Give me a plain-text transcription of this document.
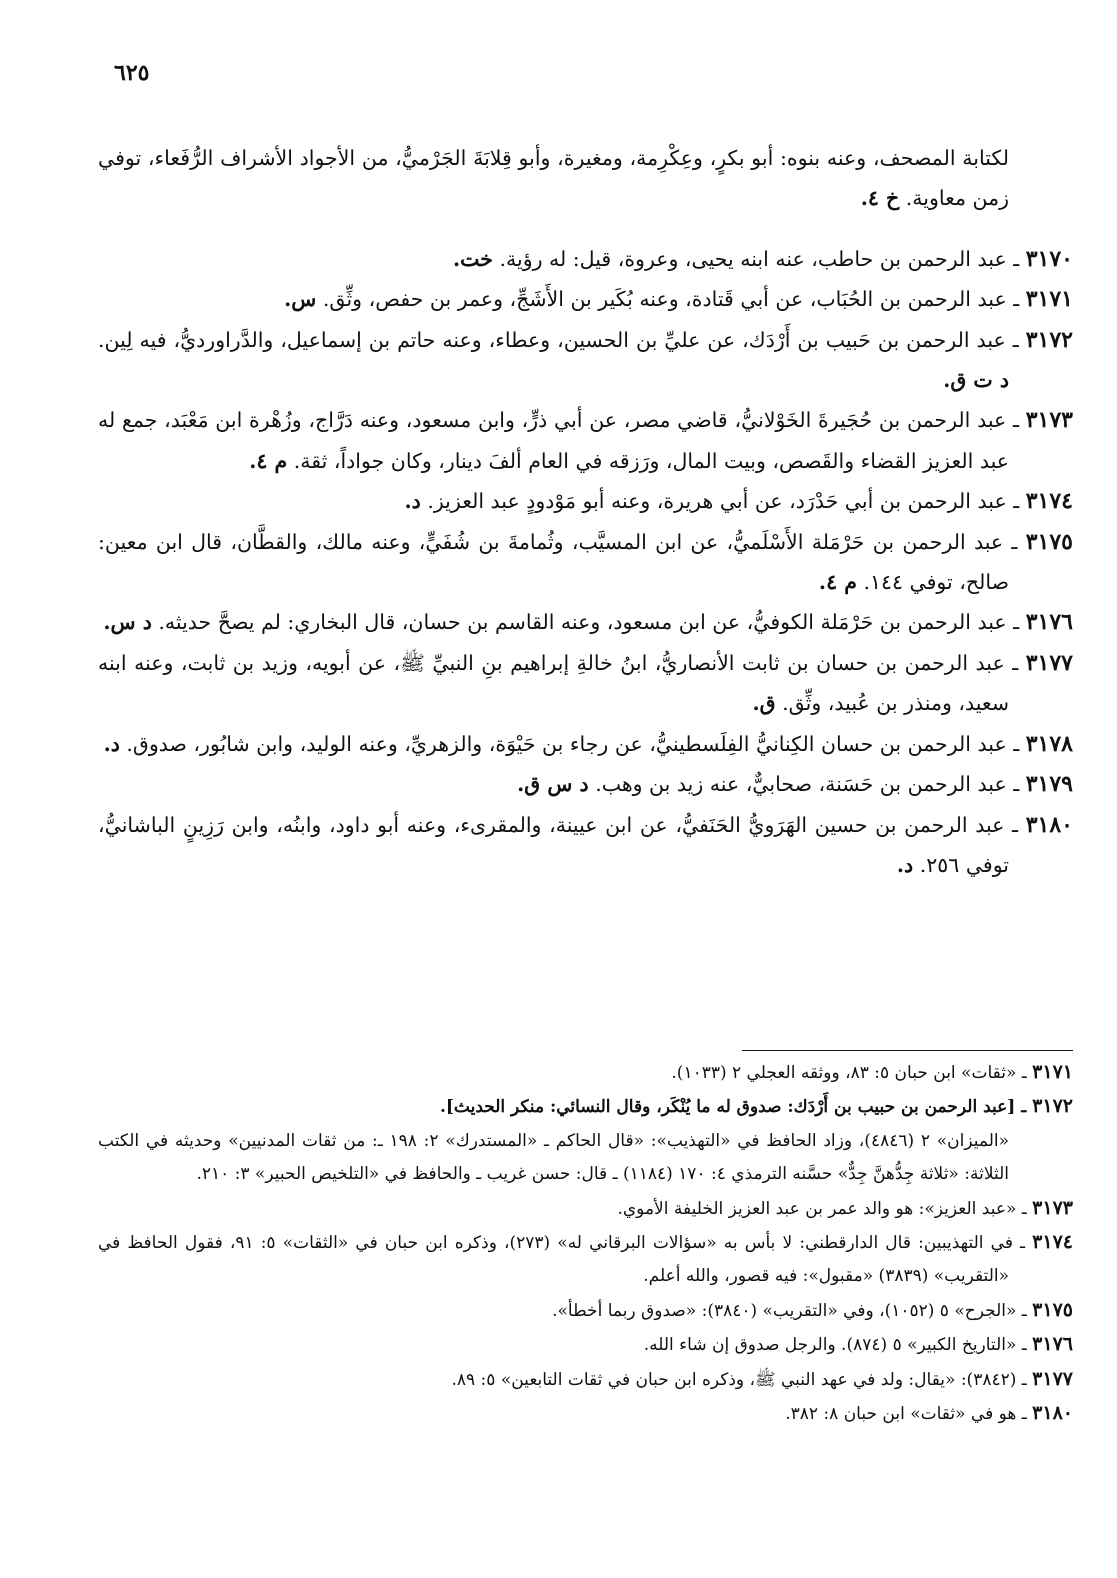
٦٢٥

لكتابة المصحف، وعنه بنوه: أبو بكرٍ، وعِكْرِمة، ومغيرة، وأبو قِلابَةَ الجَرْميُّ، من الأجواد الأشراف الرُّفَعاء، توفي زمن معاوية. خ ٤.

٣١٧٠ ـ عبد الرحمن بن حاطب، عنه ابنه يحيى، وعروة، قيل: له رؤية. خت.

٣١٧١ ـ عبد الرحمن بن الحُبَاب، عن أبي قَتادة، وعنه بُكَير بن الأَشَجِّ، وعمر بن حفص، وثِّق. س.

٣١٧٢ ـ عبد الرحمن بن حَبيب بن أَرْدَك، عن عليِّ بن الحسين، وعطاء، وعنه حاتم بن إسماعيل، والدَّراورديُّ، فيه لِين. د ت ق.

٣١٧٣ ـ عبد الرحمن بن حُجَيرةَ الخَوْلانيُّ، قاضي مصر، عن أبي ذرٍّ، وابن مسعود، وعنه دَرَّاج، وزُهْرة ابن مَعْبَد، جمع له عبد العزيز القضاء والقَصص، وبيت المال، ورَزقه في العام ألفَ دينار، وكان جواداً، ثقة. م ٤.

٣١٧٤ ـ عبد الرحمن بن أبي حَدْرَد، عن أبي هريرة، وعنه أبو مَوْدودٍ عبد العزيز. د.

٣١٧٥ ـ عبد الرحمن بن حَرْمَلة الأَسْلَميُّ، عن ابن المسيَّب، وثُمامةَ بن شُفَيٍّ، وعنه مالك، والقطَّان، قال ابن معين: صالح، توفي ١٤٤. م ٤.

٣١٧٦ ـ عبد الرحمن بن حَرْمَلة الكوفيُّ، عن ابن مسعود، وعنه القاسم بن حسان، قال البخاري: لم يصحَّ حديثه. د س.

٣١٧٧ ـ عبد الرحمن بن حسان بن ثابت الأنصاريُّ، ابنُ خالةِ إبراهيم بنِ النبيِّ ﷺ، عن أبويه، وزيد بن ثابت، وعنه ابنه سعيد، ومنذر بن عُبيد، وثِّق. ق.

٣١٧٨ ـ عبد الرحمن بن حسان الكِنانيُّ الفِلَسطينيُّ، عن رجاء بن حَيْوَة، والزهريِّ، وعنه الوليد، وابن شابُور، صدوق. د.

٣١٧٩ ـ عبد الرحمن بن حَسَنة، صحابيٌّ، عنه زيد بن وهب. د س ق.

٣١٨٠ ـ عبد الرحمن بن حسين الهَرَويُّ الحَنَفيُّ، عن ابن عيينة، والمقرىء، وعنه أبو داود، وابنُه، وابن رَزِينٍ الباشانيُّ، توفي ٢٥٦. د.

٣١٧١ ـ «ثقات» ابن حبان ٥: ٨٣، ووثقه العجلي ٢ (١٠٣٣).

٣١٧٢ ـ [عبد الرحمن بن حبيب بن أَرْدَك: صدوق له ما يُنْكَر، وقال النسائي: منكر الحديث].

«الميزان» ٢ (٤٨٤٦)، وزاد الحافظ في «التهذيب»: «قال الحاكم ـ «المستدرك» ٢: ١٩٨ ـ: من ثقات المدنيين» وحديثه في الكتب الثلاثة: «ثلاثة جِدُّهنَّ جِدٌّ» حسَّنه الترمذي ٤: ١٧٠ (١١٨٤) ـ قال: حسن غريب ـ والحافظ في «التلخيص الحبير» ٣: ٢١٠.

٣١٧٣ ـ «عبد العزيز»: هو والد عمر بن عبد العزيز الخليفة الأموي.

٣١٧٤ ـ في التهذيبين: قال الدارقطني: لا بأس به «سؤالات البرقاني له» (٢٧٣)، وذكره ابن حبان في «الثقات» ٥: ٩١، فقول الحافظ في «التقريب» (٣٨٣٩) «مقبول»: فيه قصور، والله أعلم.

٣١٧٥ ـ «الجرح» ٥ (١٠٥٢)، وفي «التقريب» (٣٨٤٠): «صدوق ربما أخطأ».

٣١٧٦ ـ «التاريخ الكبير» ٥ (٨٧٤). والرجل صدوق إن شاء الله.

٣١٧٧ ـ (٣٨٤٢): «يقال: ولد في عهد النبي ﷺ، وذكره ابن حبان في ثقات التابعين» ٥: ٨٩.

٣١٨٠ ـ هو في «ثقات» ابن حبان ٨: ٣٨٢.
